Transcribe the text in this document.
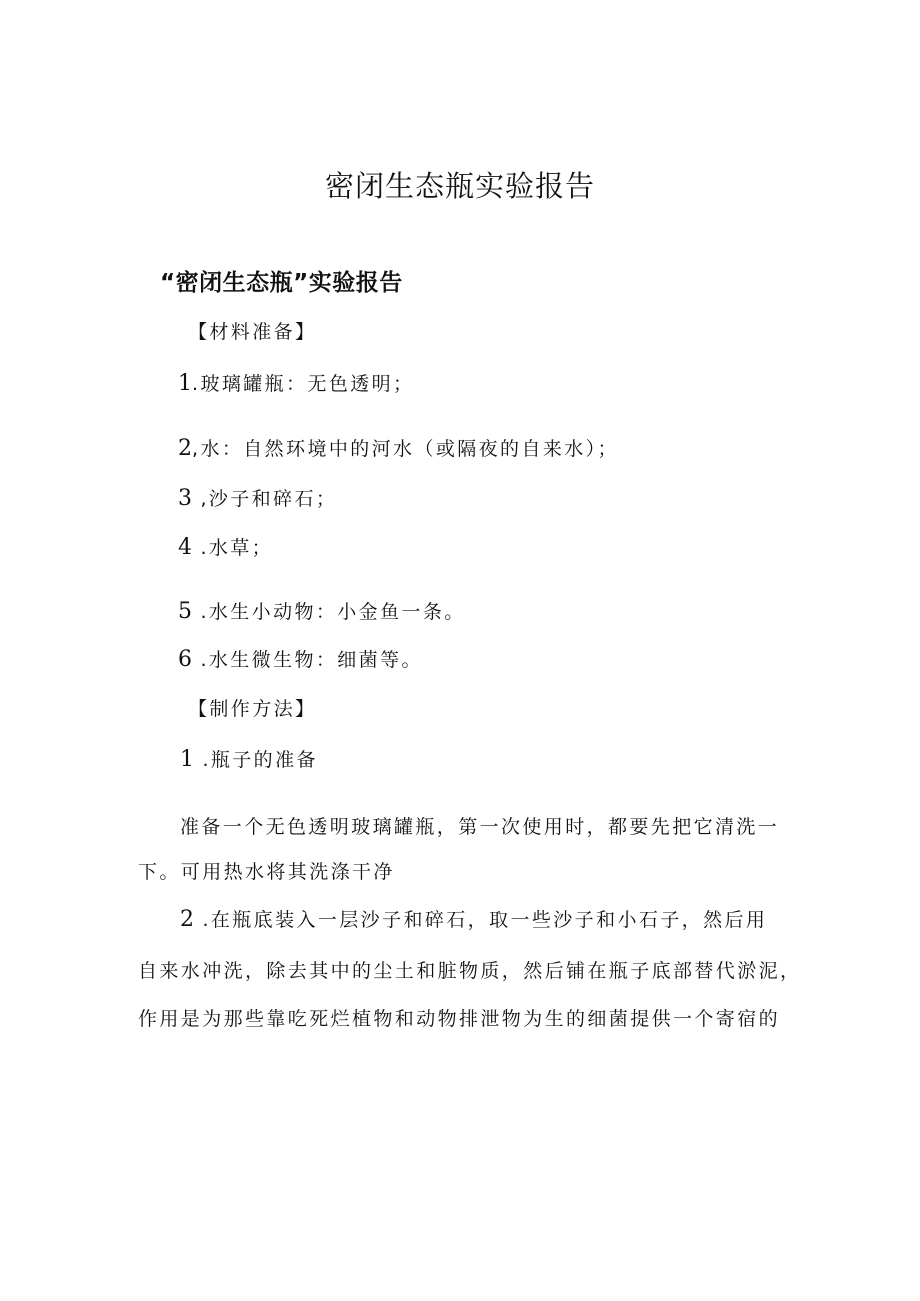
密闭生态瓶实验报告
“密闭生态瓶”实验报告
【材料准备】
1.玻璃罐瓶：无色透明；
2,水：自然环境中的河水（或隔夜的自来水）；
3 ,沙子和碎石；
4 .水草；
5 .水生小动物：小金鱼一条。
6 .水生微生物：细菌等。
【制作方法】
1 .瓶子的准备
准备一个无色透明玻璃罐瓶，第一次使用时，都要先把它清洗一
下。可用热水将其洗涤干净
2 .在瓶底装入一层沙子和碎石，取一些沙子和小石子，然后用
自来水冲洗，除去其中的尘土和脏物质，然后铺在瓶子底部替代淤泥，
作用是为那些靠吃死烂植物和动物排泄物为生的细菌提供一个寄宿的
